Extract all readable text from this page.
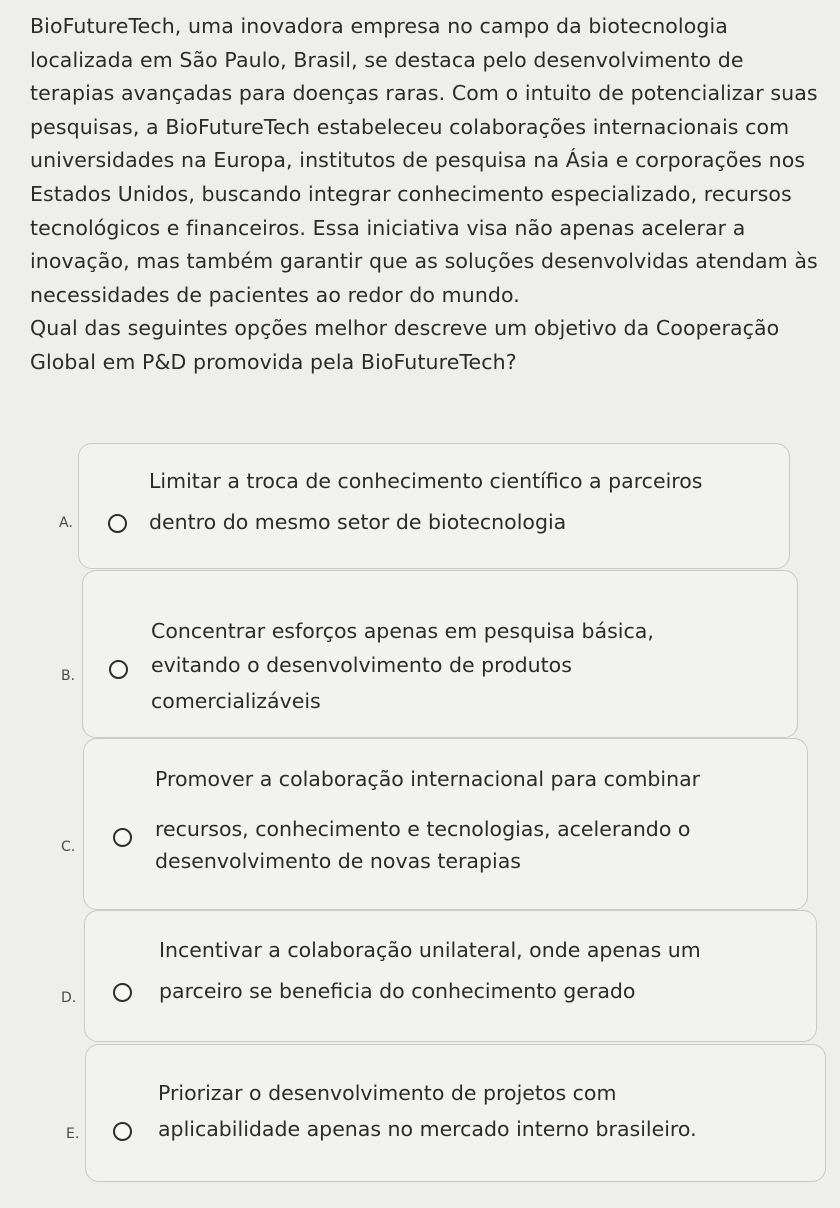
BioFutureTech, uma inovadora empresa no campo da biotecnologia localizada em São Paulo, Brasil, se destaca pelo desenvolvimento de terapias avançadas para doenças raras. Com o intuito de potencializar suas pesquisas, a BioFutureTech estabeleceu colaborações internacionais com universidades na Europa, institutos de pesquisa na Ásia e corporações nos Estados Unidos, buscando integrar conhecimento especializado, recursos tecnológicos e financeiros. Essa iniciativa visa não apenas acelerar a inovação, mas também garantir que as soluções desenvolvidas atendam às necessidades de pacientes ao redor do mundo.

Qual das seguintes opções melhor descreve um objetivo da Cooperação Global em P&D promovida pela BioFutureTech?

A.
Limitar a troca de conhecimento científico a parceiros
dentro do mesmo setor de biotecnologia
B.
Concentrar esforços apenas em pesquisa básica,
evitando o desenvolvimento de produtos
comercializáveis
C.
Promover a colaboração internacional para combinar
recursos, conhecimento e tecnologias, acelerando o
desenvolvimento de novas terapias
D.
Incentivar a colaboração unilateral, onde apenas um
parceiro se beneficia do conhecimento gerado
E.
Priorizar o desenvolvimento de projetos com
aplicabilidade apenas no mercado interno brasileiro.
